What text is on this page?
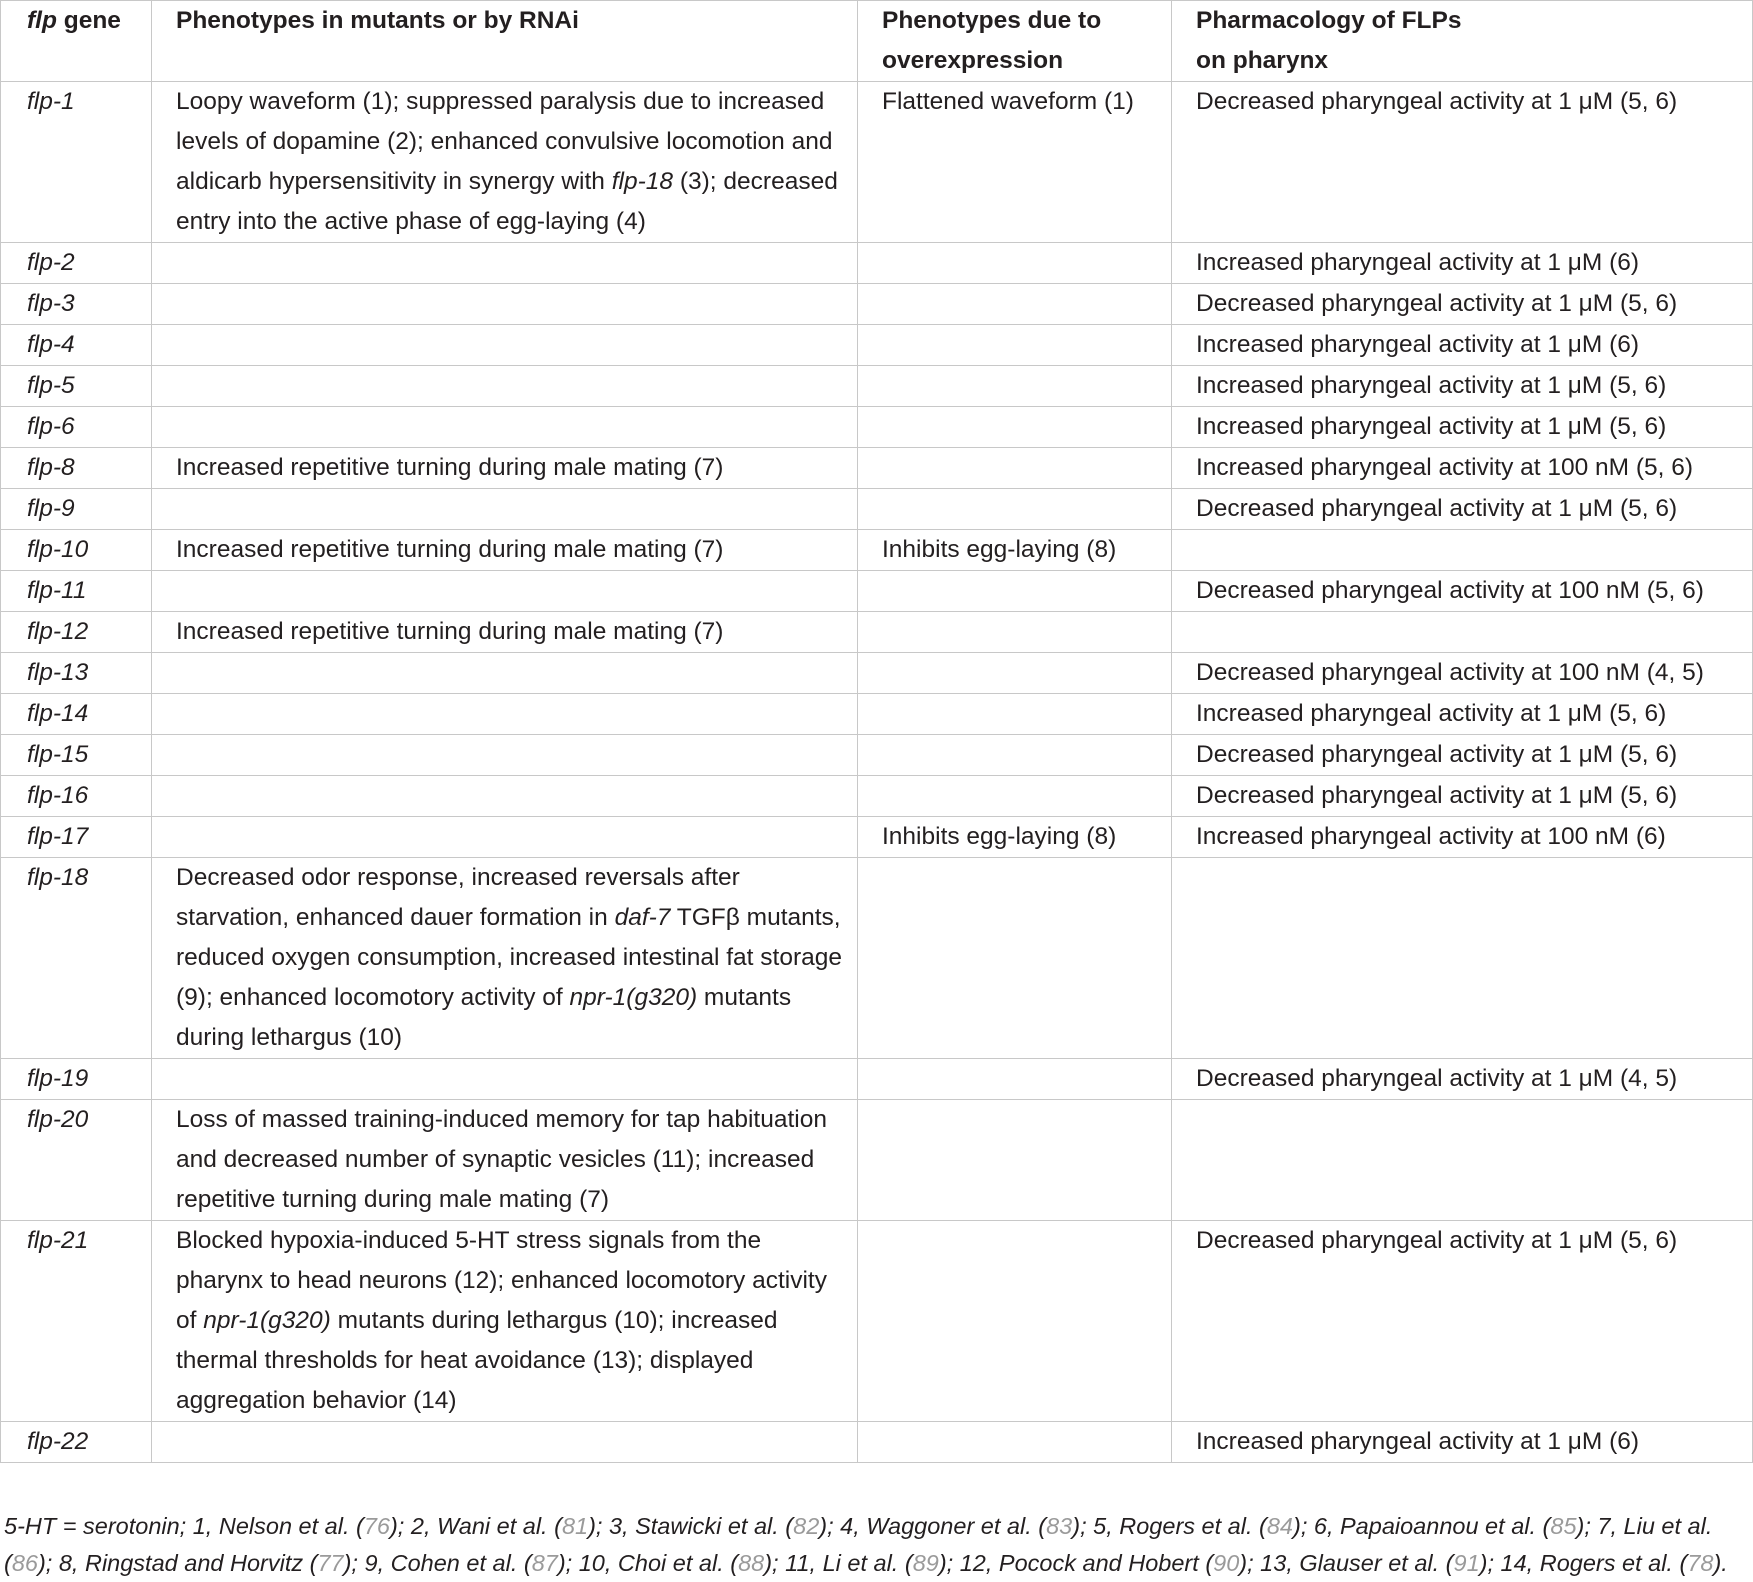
flp gene	Phenotypes in mutants or by RNAi	Phenotypes due to
overexpression	Pharmacology of FLPs
on pharynx
flp-1	Loopy waveform (1); suppressed paralysis due to increased levels of dopamine (2); enhanced convulsive locomotion and aldicarb hypersensitivity in synergy with flp-18 (3); decreased entry into the active phase of egg-laying (4)	Flattened waveform (1)	Decreased pharyngeal activity at 1 μM (5, 6)
flp-2			Increased pharyngeal activity at 1 μM (6)
flp-3			Decreased pharyngeal activity at 1 μM (5, 6)
flp-4			Increased pharyngeal activity at 1 μM (6)
flp-5			Increased pharyngeal activity at 1 μM (5, 6)
flp-6			Increased pharyngeal activity at 1 μM (5, 6)
flp-8	Increased repetitive turning during male mating (7)		Increased pharyngeal activity at 100 nM (5, 6)
flp-9			Decreased pharyngeal activity at 1 μM (5, 6)
flp-10	Increased repetitive turning during male mating (7)	Inhibits egg-laying (8)	
flp-11			Decreased pharyngeal activity at 100 nM (5, 6)
flp-12	Increased repetitive turning during male mating (7)		
flp-13			Decreased pharyngeal activity at 100 nM (4, 5)
flp-14			Increased pharyngeal activity at 1 μM (5, 6)
flp-15			Decreased pharyngeal activity at 1 μM (5, 6)
flp-16			Decreased pharyngeal activity at 1 μM (5, 6)
flp-17		Inhibits egg-laying (8)	Increased pharyngeal activity at 100 nM (6)
flp-18	Decreased odor response, increased reversals after starvation, enhanced dauer formation in daf-7 TGFβ mutants, reduced oxygen consumption, increased intestinal fat storage (9); enhanced locomotory activity of npr-1(g320) mutants during lethargus (10)		
flp-19			Decreased pharyngeal activity at 1 μM (4, 5)
flp-20	Loss of massed training-induced memory for tap habituation and decreased number of synaptic vesicles (11); increased repetitive turning during male mating (7)		
flp-21	Blocked hypoxia-induced 5-HT stress signals from the pharynx to head neurons (12); enhanced locomotory activity of npr-1(g320) mutants during lethargus (10); increased thermal thresholds for heat avoidance (13); displayed aggregation behavior (14)		Decreased pharyngeal activity at 1 μM (5, 6)
flp-22			Increased pharyngeal activity at 1 μM (6)
5-HT = serotonin; 1, Nelson et al. (76); 2, Wani et al. (81); 3, Stawicki et al. (82); 4, Waggoner et al. (83); 5, Rogers et al. (84); 6, Papaioannou et al. (85); 7, Liu et al.
(86); 8, Ringstad and Horvitz (77); 9, Cohen et al. (87); 10, Choi et al. (88); 11, Li et al. (89); 12, Pocock and Hobert (90); 13, Glauser et al. (91); 14, Rogers et al. (78).
